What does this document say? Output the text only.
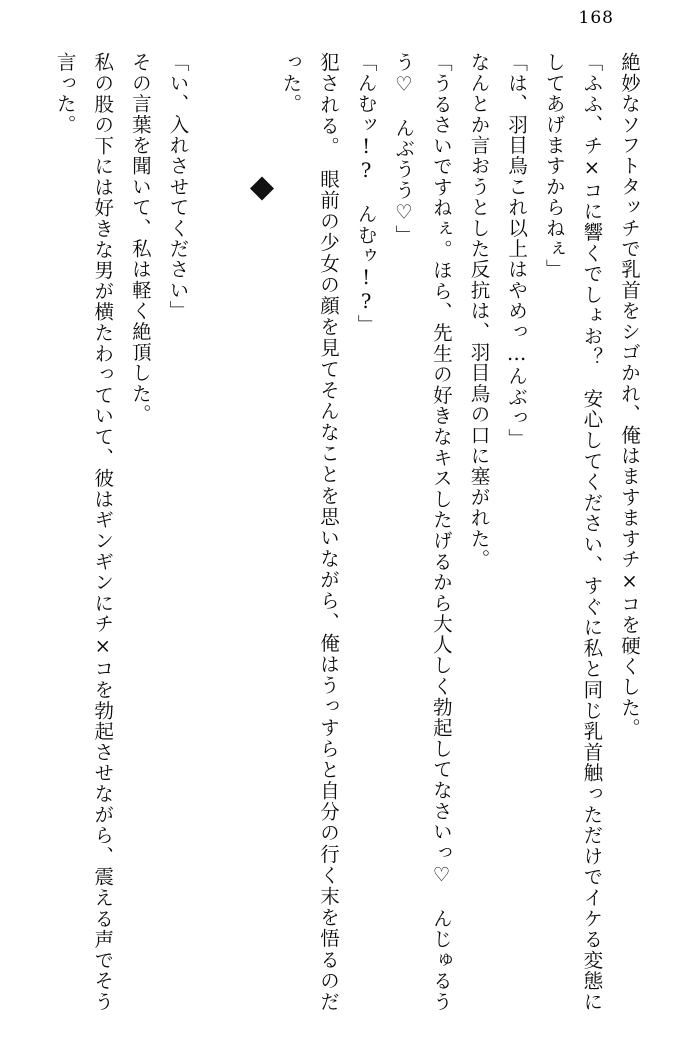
168

絶妙なソフトタッチで乳首をシゴかれ、俺はますますチ×コを硬くした。

「ふふ、チ×コに響くでしょお？　安心してください、すぐに私と同じ乳首触っただけでイケる変態にしてあげますからねぇ」

「は、羽目鳥これ以上はやめっ…んぶっ」

なんとか言おうとした反抗は、羽目鳥の口に塞がれた。

「うるさいですねぇ。ほら、先生の好きなキスしたげるから大人しく勃起してなさいっ♡　んじゅるうう♡　んぶうう♡」

「んむッ!?　んむゥ!?」

犯される。　眼前の少女の顔を見てそんなことを思いながら、俺はうっすらと自分の行く末を悟るのだった。

「い、入れさせてください」

その言葉を聞いて、私は軽く絶頂した。

私の股の下には好きな男が横たわっていて、彼はギンギンにチ×コを勃起させながら、震える声でそう言った。
